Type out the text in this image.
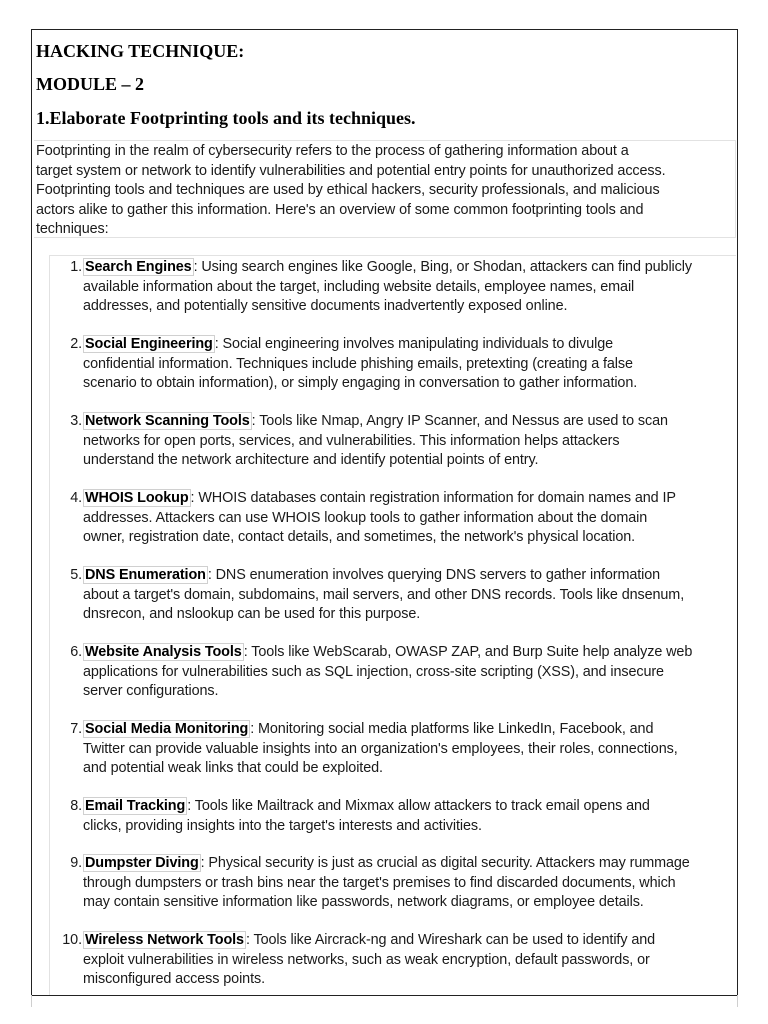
HACKING TECHNIQUE:
MODULE – 2
1.Elaborate Footprinting tools and its techniques.
Footprinting in the realm of cybersecurity refers to the process of gathering information about a
target system or network to identify vulnerabilities and potential entry points for unauthorized access.
Footprinting tools and techniques are used by ethical hackers, security professionals, and malicious
actors alike to gather this information. Here's an overview of some common footprinting tools and
techniques:
1. Search Engines : Using search engines like Google, Bing, or Shodan, attackers can find publicly
available information about the target, including website details, employee names, email
addresses, and potentially sensitive documents inadvertently exposed online.
2. Social Engineering : Social engineering involves manipulating individuals to divulge
confidential information. Techniques include phishing emails, pretexting (creating a false
scenario to obtain information), or simply engaging in conversation to gather information.
3. Network Scanning Tools : Tools like Nmap, Angry IP Scanner, and Nessus are used to scan
networks for open ports, services, and vulnerabilities. This information helps attackers
understand the network architecture and identify potential points of entry.
4. WHOIS Lookup : WHOIS databases contain registration information for domain names and IP
addresses. Attackers can use WHOIS lookup tools to gather information about the domain
owner, registration date, contact details, and sometimes, the network's physical location.
5. DNS Enumeration : DNS enumeration involves querying DNS servers to gather information
about a target's domain, subdomains, mail servers, and other DNS records. Tools like dnsenum,
dnsrecon, and nslookup can be used for this purpose.
6. Website Analysis Tools : Tools like WebScarab, OWASP ZAP, and Burp Suite help analyze web
applications for vulnerabilities such as SQL injection, cross-site scripting (XSS), and insecure
server configurations.
7. Social Media Monitoring : Monitoring social media platforms like LinkedIn, Facebook, and
Twitter can provide valuable insights into an organization's employees, their roles, connections,
and potential weak links that could be exploited.
8. Email Tracking : Tools like Mailtrack and Mixmax allow attackers to track email opens and
clicks, providing insights into the target's interests and activities.
9. Dumpster Diving : Physical security is just as crucial as digital security. Attackers may rummage
through dumpsters or trash bins near the target's premises to find discarded documents, which
may contain sensitive information like passwords, network diagrams, or employee details.
10. Wireless Network Tools : Tools like Aircrack-ng and Wireshark can be used to identify and
exploit vulnerabilities in wireless networks, such as weak encryption, default passwords, or
misconfigured access points.
